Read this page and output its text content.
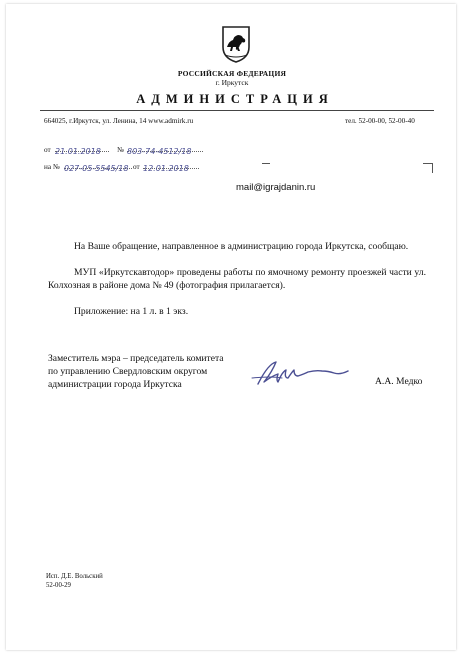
РОССИЙСКАЯ ФЕДЕРАЦИЯ
г. Иркутск
АДМИНИСТРАЦИЯ
664025, г.Иркутск, ул. Ленина, 14 www.admirk.ru	тел. 52-00-00, 52-00-40
от 21.01.2018	№ 803-74-4512/18
на № 027-05-5545/18 от 12.01.2018
mail@igrajdanin.ru
На Ваше обращение, направленное в администрацию города Иркутска, сообщаю.
МУП «Иркутскавтодор» проведены работы по ямочному ремонту проезжей части ул. Колхозная в районе дома № 49 (фотография прилагается).
Приложение: на 1 л. в 1 экз.
Заместитель мэра – председатель комитета
по управлению Свердловским округом
администрации города Иркутска	А.А. Медко
Исп. Д.Е. Вольский
52-00-29
